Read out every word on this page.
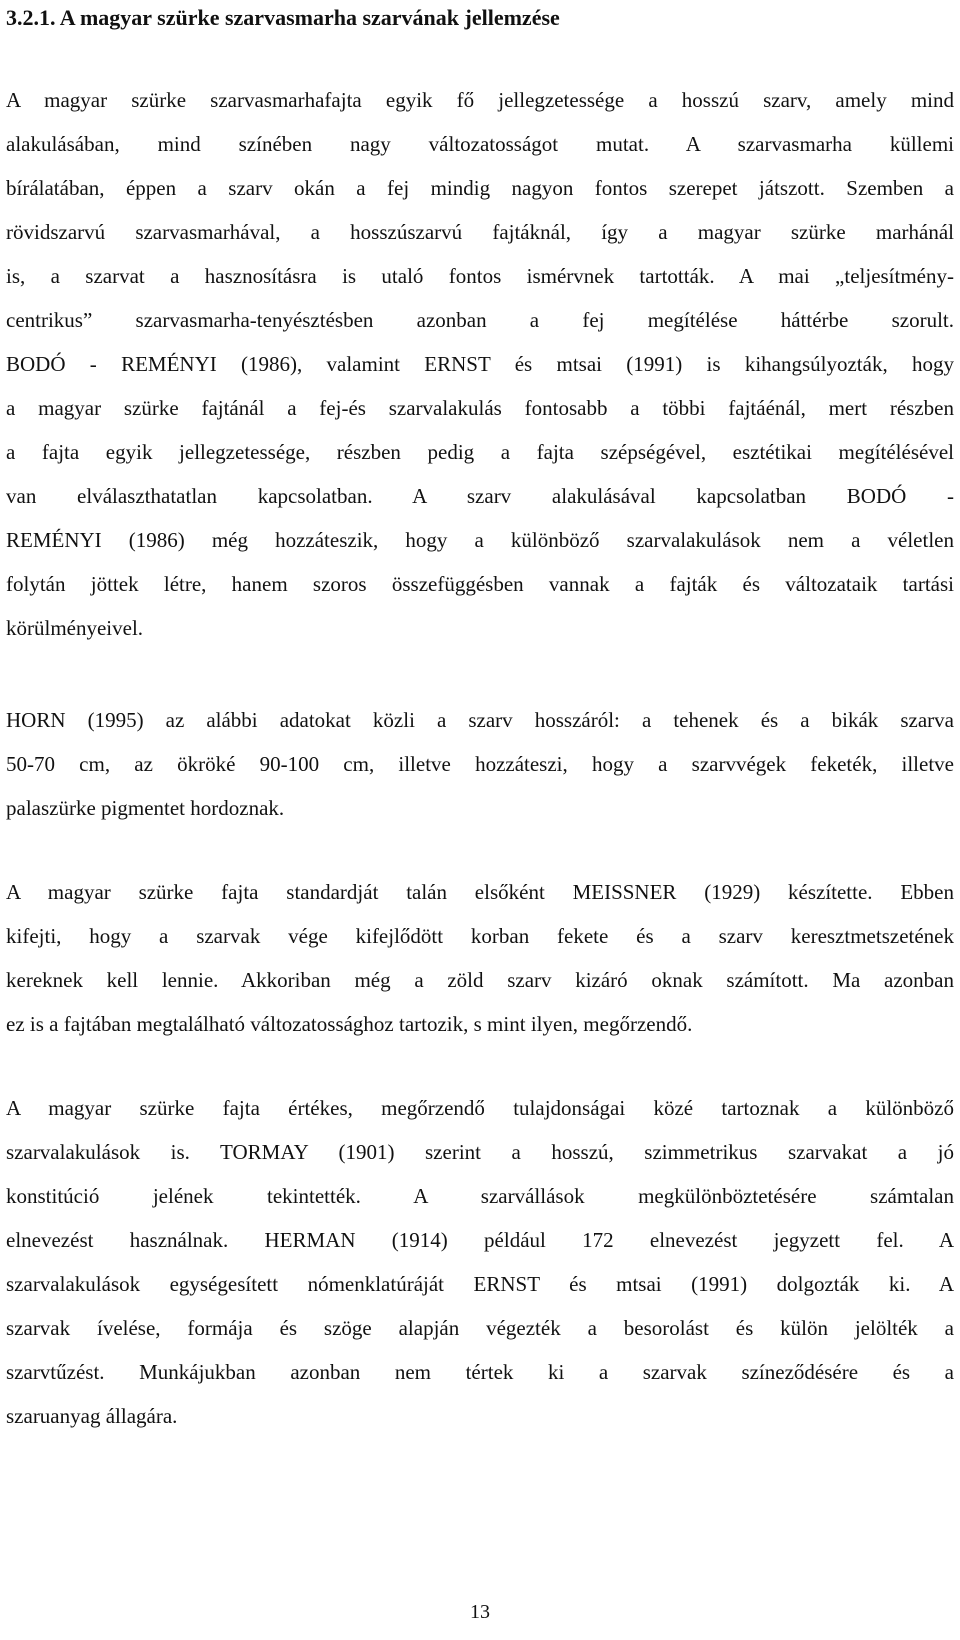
3.2.1. A magyar szürke szarvasmarha szarvának jellemzése
A magyar szürke szarvasmarhafajta egyik fő jellegzetessége a hosszú szarv, amely mind
alakulásában, mind színében nagy változatosságot mutat. A szarvasmarha küllemi
bírálatában, éppen a szarv okán a fej mindig nagyon fontos szerepet játszott. Szemben a
rövidszarvú szarvasmarhával, a hosszúszarvú fajtáknál, így a magyar szürke marhánál
is, a szarvat a hasznosításra is utaló fontos ismérvnek tartották. A mai „teljesítmény-
centrikus” szarvasmarha-tenyésztésben azonban a fej megítélése háttérbe szorult.
BODÓ - REMÉNYI (1986), valamint ERNST és mtsai (1991) is kihangsúlyozták, hogy
a magyar szürke fajtánál a fej-és szarvalakulás fontosabb a többi fajtáénál, mert részben
a fajta egyik jellegzetessége, részben pedig a fajta szépségével, esztétikai megítélésével
van elválaszthatatlan kapcsolatban. A szarv alakulásával kapcsolatban BODÓ -
REMÉNYI (1986) még hozzáteszik, hogy a különböző szarvalakulások nem a véletlen
folytán jöttek létre, hanem szoros összefüggésben vannak a fajták és változataik tartási
körülményeivel.
HORN (1995) az alábbi adatokat közli a szarv hosszáról: a tehenek és a bikák szarva
50-70 cm, az ökröké 90-100 cm, illetve hozzáteszi, hogy a szarvvégek feketék, illetve
palaszürke pigmentet hordoznak.
A magyar szürke fajta standardját talán elsőként MEISSNER (1929) készítette. Ebben
kifejti, hogy a szarvak vége kifejlődött korban fekete és a szarv keresztmetszetének
kereknek kell lennie. Akkoriban még a zöld szarv kizáró oknak számított. Ma azonban
ez is a fajtában megtalálható változatossághoz tartozik, s mint ilyen, megőrzendő.
A magyar szürke fajta értékes, megőrzendő tulajdonságai közé tartoznak a különböző
szarvalakulások is. TORMAY (1901) szerint a hosszú, szimmetrikus szarvakat a jó
konstitúció jelének tekintették. A szarvállások megkülönböztetésére számtalan
elnevezést használnak. HERMAN (1914) például 172 elnevezést jegyzett fel. A
szarvalakulások egységesített nómenklatúráját ERNST és mtsai (1991) dolgozták ki. A
szarvak ívelése, formája és szöge alapján végezték a besorolást és külön jelölték a
szarvtűzést. Munkájukban azonban nem tértek ki a szarvak színeződésére és a
szaruanyag állagára.
13
